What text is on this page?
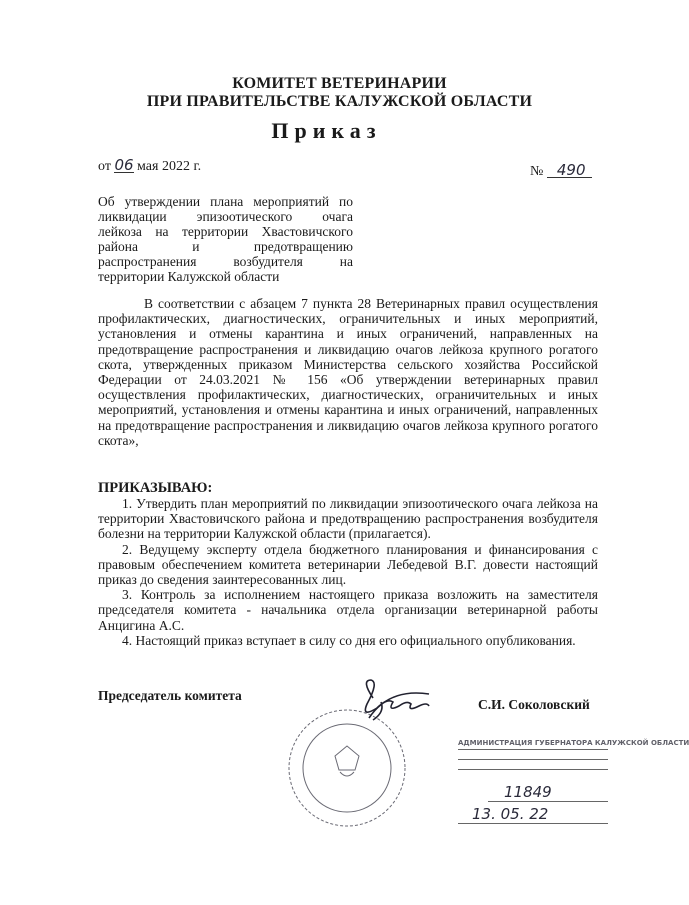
КОМИТЕТ ВЕТЕРИНАРИИ
ПРИ ПРАВИТЕЛЬСТВЕ КАЛУЖСКОЙ ОБЛАСТИ
Приказ
от 06 мая 2022 г.	№ 490
Об утверждении плана мероприятий по
ликвидации эпизоотического очага
лейкоза на территории Хвастовичского
района и предотвращению
распространения возбудителя на
территории Калужской области

В соответствии с абзацем 7 пункта 28 Ветеринарных правил осуществления профилактических, диагностических, ограничительных и иных мероприятий, установления и отмены карантина и иных ограничений, направленных на предотвращение распространения и ликвидацию очагов лейкоза крупного рогатого скота, утвержденных приказом Министерства сельского хозяйства Российской Федерации от 24.03.2021 № 156 «Об утверждении ветеринарных правил осуществления профилактических, диагностических, ограничительных и иных мероприятий, установления и отмены карантина и иных ограничений, направленных на предотвращение распространения и ликвидацию очагов лейкоза крупного рогатого скота»,

ПРИКАЗЫВАЮ:

1. Утвердить план мероприятий по ликвидации эпизоотического очага лейкоза на территории Хвастовичского района и предотвращению распространения возбудителя болезни на территории Калужской области (прилагается).

2. Ведущему эксперту отдела бюджетного планирования и финансирования с правовым обеспечением комитета ветеринарии Лебедевой В.Г. довести настоящий приказ до сведения заинтересованных лиц.

3. Контроль за исполнением настоящего приказа возложить на заместителя председателя комитета - начальника отдела организации ветеринарной работы Анцигина А.С.

4. Настоящий приказ вступает в силу со дня его официального опубликования.

Председатель комитета
С.И. Соколовский
АДМИНИСТРАЦИЯ ГУБЕРНАТОРА КАЛУЖСКОЙ ОБЛАСТИ
11849
13. 05. 22
